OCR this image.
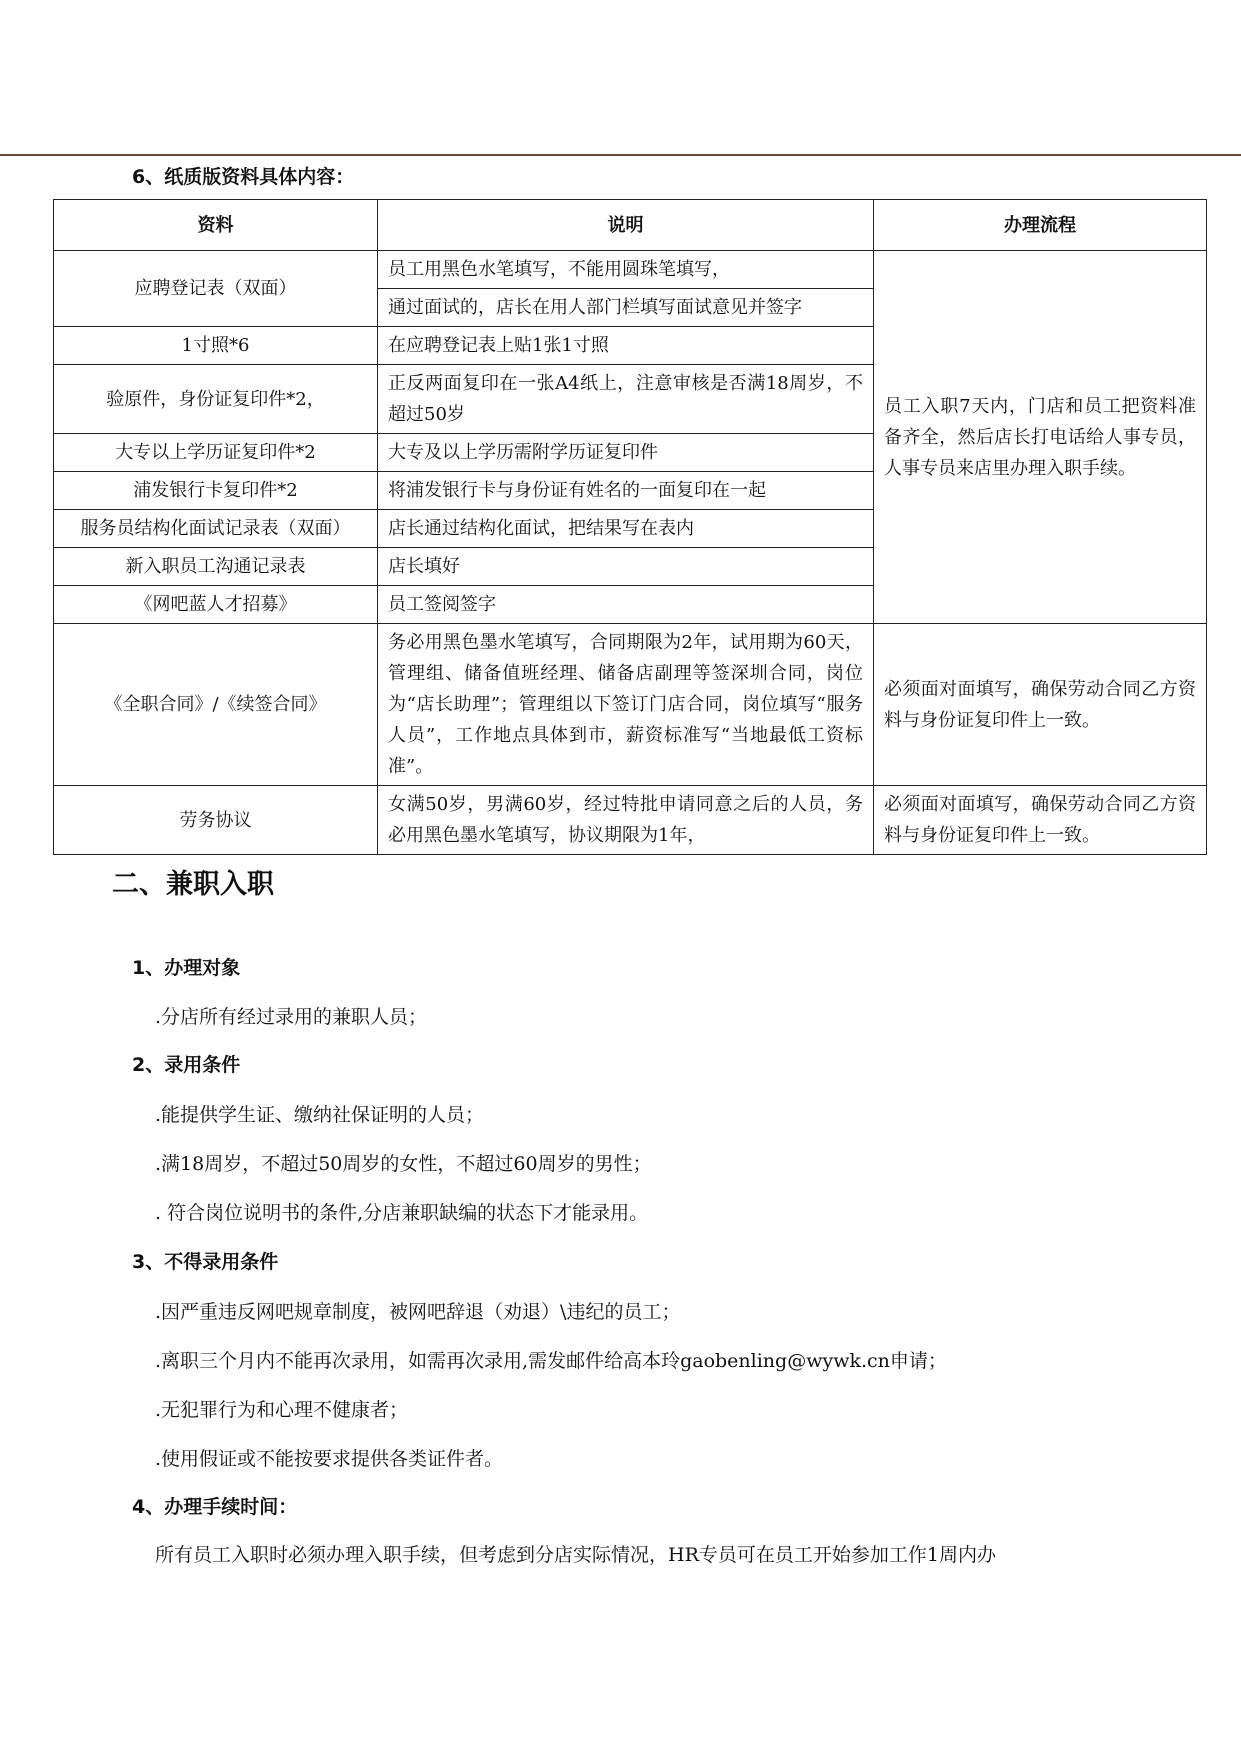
6、纸质版资料具体内容：
资料	说明	办理流程
应聘登记表（双面）	员工用黑色水笔填写，不能用圆珠笔填写，	员工入职7天内，门店和员工把资料准备齐全，然后店长打电话给人事专员，人事专员来店里办理入职手续。
	通过面试的，店长在用人部门栏填写面试意见并签字	
1寸照*6	在应聘登记表上贴1张1寸照	
验原件，身份证复印件*2，	正反两面复印在一张A4纸上，注意审核是否满18周岁，不超过50岁	
大专以上学历证复印件*2	大专及以上学历需附学历证复印件	
浦发银行卡复印件*2	将浦发银行卡与身份证有姓名的一面复印在一起	
服务员结构化面试记录表（双面）	店长通过结构化面试，把结果写在表内	
新入职员工沟通记录表	店长填好	
《网吧蓝人才招募》	员工签阅签字	
《全职合同》/《续签合同》	务必用黑色墨水笔填写，合同期限为2年，试用期为60天，管理组、储备值班经理、储备店副理等签深圳合同，岗位为“店长助理”；管理组以下签订门店合同，岗位填写“服务人员”，工作地点具体到市，薪资标准写“当地最低工资标准”。	必须面对面填写，确保劳动合同乙方资料与身份证复印件上一致。
劳务协议	女满50岁，男满60岁，经过特批申请同意之后的人员，务必用黑色墨水笔填写，协议期限为1年，	必须面对面填写，确保劳动合同乙方资料与身份证复印件上一致。
二、兼职入职
1、办理对象
.分店所有经过录用的兼职人员；
2、录用条件
.能提供学生证、缴纳社保证明的人员；
.满18周岁，不超过50周岁的女性，不超过60周岁的男性；
. 符合岗位说明书的条件,分店兼职缺编的状态下才能录用。
3、不得录用条件
.因严重违反网吧规章制度，被网吧辞退（劝退）\违纪的员工；
.离职三个月内不能再次录用，如需再次录用,需发邮件给高本玲gaobenling@wywk.cn申请；
.无犯罪行为和心理不健康者；
.使用假证或不能按要求提供各类证件者。
4、办理手续时间：
所有员工入职时必须办理入职手续，但考虑到分店实际情况，HR专员可在员工开始参加工作1周内办
